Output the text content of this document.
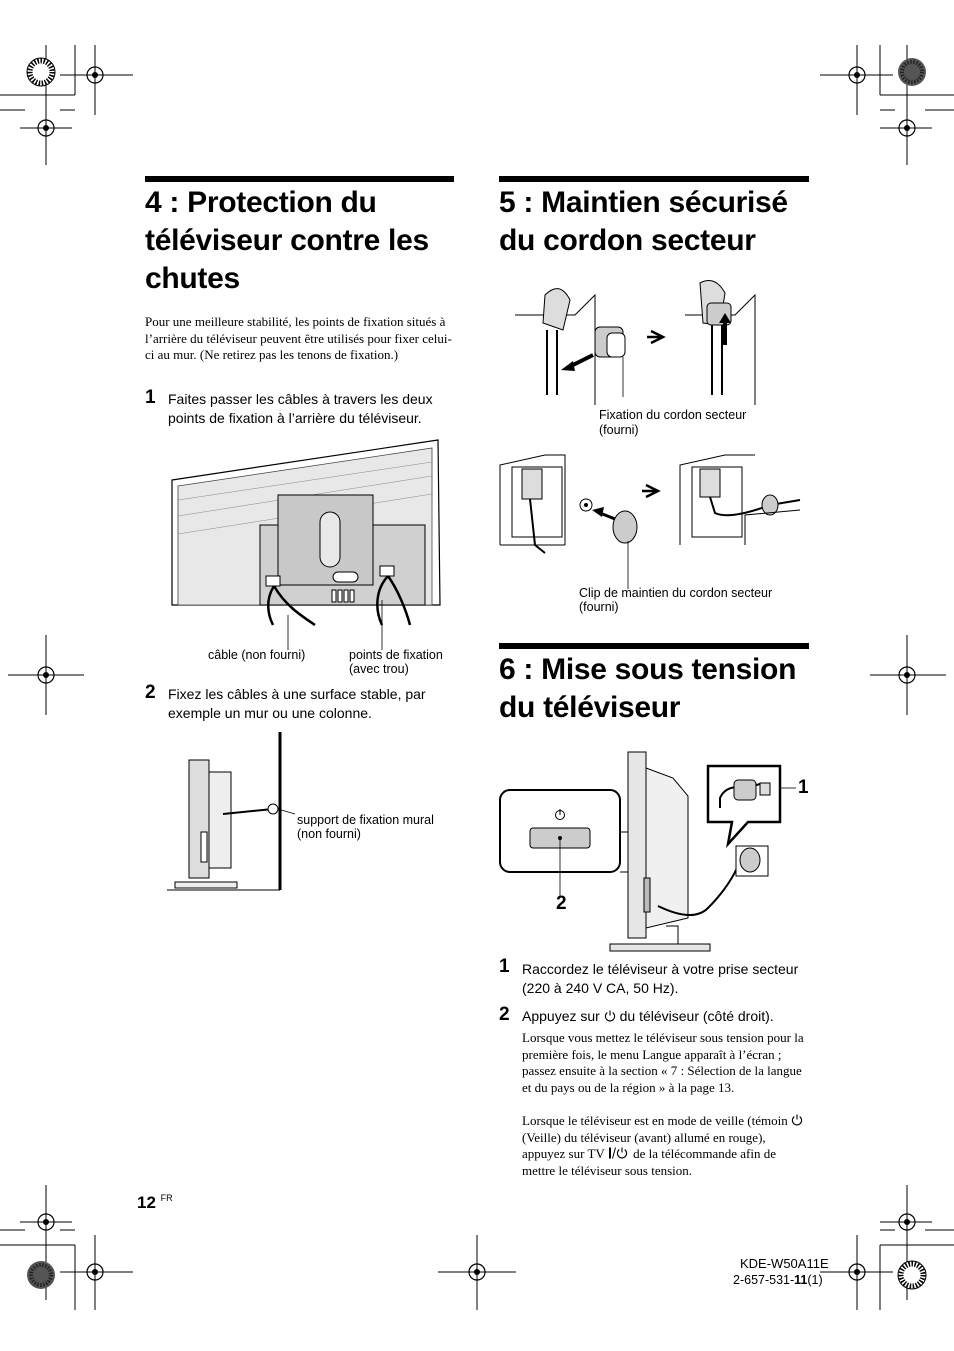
4 : Protection du téléviseur contre les chutes
Pour une meilleure stabilité, les points de fixation situés à l’arrière du téléviseur peuvent être utilisés pour fixer celui-ci au mur. (Ne retirez pas les tenons de fixation.)
1 Faites passer les câbles à travers les deux points de fixation à l’arrière du téléviseur.
câble (non fourni)	points de fixation
(avec trou)
2 Fixez les câbles à une surface stable, par exemple un mur ou une colonne.
support de fixation mural
(non fourni)
5 : Maintien sécurisé du cordon secteur
Fixation du cordon secteur
(fourni)
Clip de maintien du cordon secteur
(fourni)
6 : Mise sous tension du téléviseur
1
2
1 Raccordez le téléviseur à votre prise secteur (220 à 240 V CA, 50 Hz).
2 Appuyez sur du téléviseur (côté droit).
Lorsque vous mettez le téléviseur sous tension pour la première fois, le menu Langue apparaît à l’écran ; passez ensuite à la section « 7 : Sélection de la langue et du pays ou de la région » à la page 13.
Lorsque le téléviseur est en mode de veille (témoin  (Veille) du téléviseur (avant) allumé en rouge), appuyez sur TV de la télécommande afin de mettre le téléviseur sous tension.
12 $^{FR}$
KDE-W50A11E
2-657-531-11(1)
